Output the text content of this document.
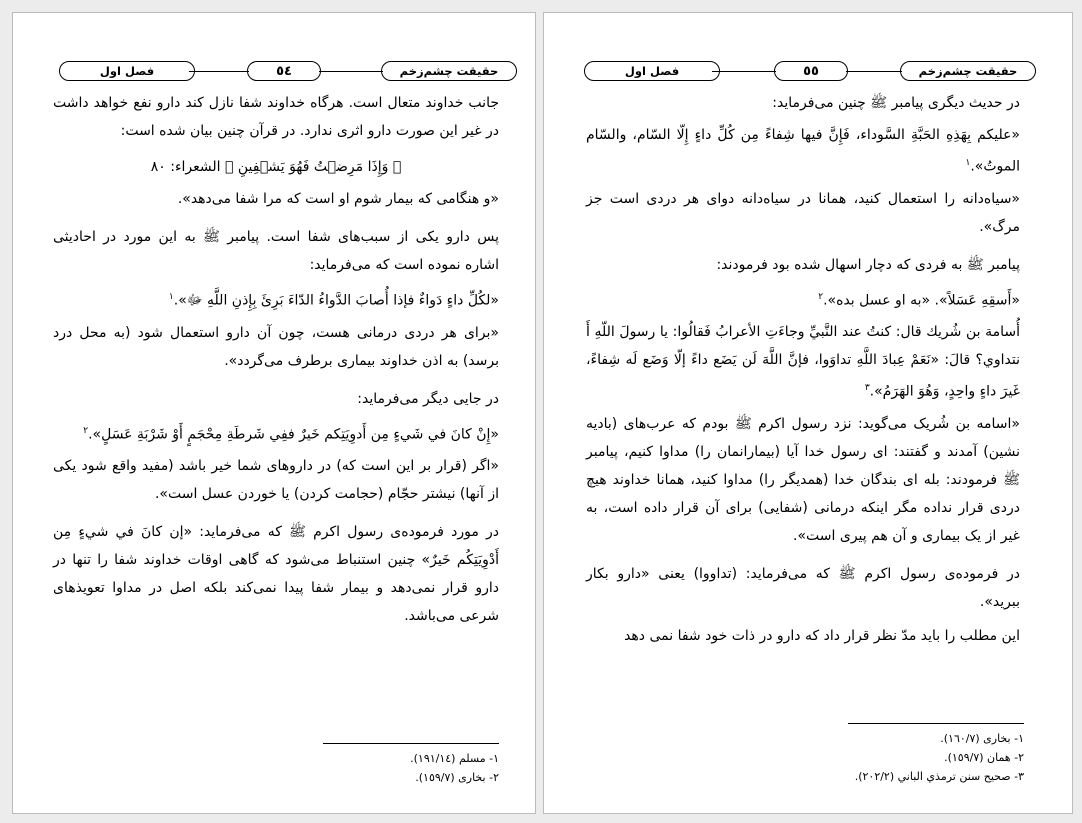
فصل اول	٥٤	حقیقت چشم‌زخم

جانب خداوند متعال است. هرگاه خداوند شفا نازل کند دارو نفع خواهد داشت در غیر این صورت دارو اثری ندارد. در قرآن چنین بیان شده است:

﴿ وَإِذَا مَرِضۡتُ فَهُوَ يَشۡفِينِ ﴾ الشعراء: ٨٠

«و هنگامی که بیمار شوم او است که مرا شفا می‌دهد».

پس دارو یکی از سبب‌های شفا است. پیامبر ﷺ به این مورد در احادیثی اشاره نموده است که می‌فرماید:

«لكُلِّ داءٍ دَواءٌ فإذا أُصابَ الدَّواءُ الدّاءَ بَرِئَ بِإِذنِ اللَّهِ ﷻ».$^١$

«برای هر دردی درمانی هست، چون آن دارو استعمال شود (به محل درد برسد) به اذن خداوند بیماری برطرف می‌گردد».

در جایی دیگر می‌فرماید:

«إِنْ كانَ في شَيءٍ مِن أَدوِيَتِكم خَيرٌ ففِي شَرطَةِ مِحْجَمٍ أَوْ شَرْبَةِ عَسَلٍ».$^٢$

«اگر (قرار بر این است که) در داروهای شما خیر باشد (مفید واقع شود یکی از آنها) نیشتر حجّام (حجامت کردن) یا خوردن عسل است».

در مورد فرموده‌ی رسول اکرم ﷺ که می‌فرماید: «إن كانَ في شيءٍ مِن أَدْوِيَتِكُم خَيرٌ» چنین استنباط می‌شود که گاهی اوقات خداوند شفا را تنها در دارو قرار نمی‌دهد و بیمار شفا پیدا نمی‌کند بلکه اصل در مداوا تعویذهای شرعی می‌باشد.

١- مسلم (١٩١/١٤).

٢- بخاری (١٥٩/٧).

فصل اول	٥٥	حقیقت چشم‌زخم

در حدیث دیگری پیامبر ﷺ چنین می‌فرماید:

«عليكم بِهَذِهِ الحَبَّةِ السَّوداء، فَإِنَّ فيها شِفاءً مِن كُلِّ داءٍ إِلّا السّام، والسّام الموتُ».$^١$

«سیاه‌دانه را استعمال کنید، همانا در سیاه‌دانه دوای هر دردی است جز مرگ».

پیامبر ﷺ به فردی که دچار اسهال شده بود فرمودند:

«أَسقِهِ عَسَلاً». «به او عسل بده».$^٢$

أُسامة بن شُريك قال: كنتُ عند النَّبيِّ وجاءَتِ الأعرابُ فَقالُوا: يا رسولَ اللّهِ أَ نتداوي؟ قالَ: «نَعَمْ عِبادَ اللَّهِ تداوَوا، فإنَّ اللَّهَ لَن يَضَع داءً إلّا وَضَع لَه شِفاءً، غَيرَ داءٍ واحِدٍ، وَهُوَ الهَرَمُ».$^٣$

«اسامه بن شُریک می‌گوید: نزد رسول اکرم ﷺ بودم که عرب‌های (بادیه نشین) آمدند و گفتند: ای رسول خدا آیا (بیمارانمان را) مداوا کنیم، پیامبر ﷺ فرمودند: بله ای بندگان خدا (همدیگر را) مداوا کنید، همانا خداوند هیچ دردی قرار نداده مگر اینکه درمانی (شفایی) برای آن قرار داده است، به غیر از یک بیماری و آن هم پیری است».

در فرموده‌ی رسول اکرم ﷺ که می‌فرماید: (تداووا) یعنی «دارو بکار ببرید».

این مطلب را باید مدّ نظر قرار داد که دارو در ذات خود شفا نمی دهد

١- بخاری (١٦٠/٧).

٢- همان (١٥٩/٧).

٣- صحيح سنن ترمذي الباني (٢٠٢/٢).
